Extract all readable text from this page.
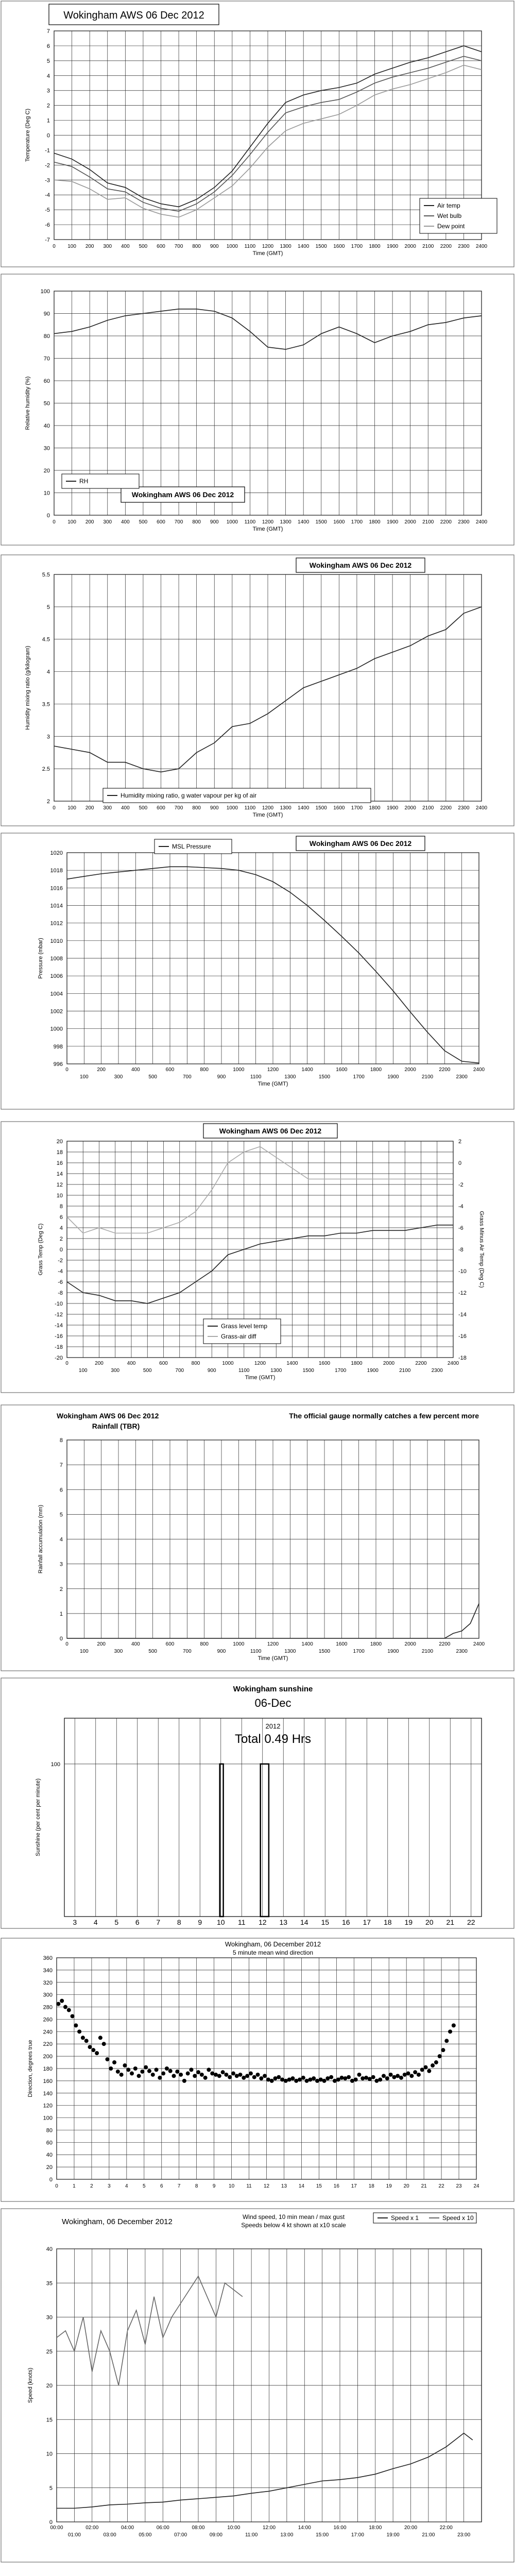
7
6
5
4
3
2
1
0
-1
-2
-3
-4
-5
-6
-7
0 100 200 300 400 500 600 700 800 900 1000 1100 1200 1300 1400 1500 1600 1700 1800 1900 2000 2100 2200 2300 2400
Time (GMT)
Temperature (Deg C)
Wokingham AWS 06 Dec 2012
Air temp
Wet bulb
Dew point
100
90
80
70
60
50
40
30
20
10
0
0 100 200 300 400 500 600 700 800 900 1000 1100 1200 1300 1400 1500 1600 1700 1800 1900 2000 2100 2200 2300 2400
Time (GMT)
Relative humidity (%)
Wokingham AWS 06 Dec 2012
RH
5.5
5
4.5
4
3.5
3
2.5
2
0 100 200 300 400 500 600 700 800 900 1000 1100 1200 1300 1400 1500 1600 1700 1800 1900 2000 2100 2200 2300 2400
Time (GMT)
Humidity mixing ratio (g/kilogram)
Wokingham AWS 06 Dec 2012
Humidity mixing ratio, g water vapour per kg of air
1020
1018
1016
1014
1012
1010
1008
1006
1004
1002
1000
998
996
0	200	400	600	800	1000	1200	1400	1600	1800	2000	2200	2400
100	300	500	700	900	1100	1300	1500	1700	1900	2100	2300
Time (GMT)
Pressure (mbar)
Wokingham AWS 06 Dec 2012
MSL Pressure
20
18
16
14
12
10
8
6
4
2
0
-2
-4
-6
-8
-10
-12
-14
-16
-18
-20
2
0
-2
-4
-6
-8
-10
-12
-14
-16
-18
0	200	400	600	800	1000	1200	1400	1600	1800	2000	2200	2400
100	300	500	700	900	1100	1300	1500	1700	1900	2100	2300
Time (GMT)
Grass Temp (Deg C)	Grass Minus Air Temp (Deg C)
Wokingham AWS 06 Dec 2012
Grass level temp
Grass-air diff
8
7
6
5
4
3
2
1
0
0	200	400	600	800	1000	1200	1400	1600	1800	2000	2200	2400
100	300	500	700	900	1100	1300	1500	1700	1900	2100	2300
Time (GMT)
Rainfall accumulation (mm)
Wokingham AWS 06 Dec 2012
Rainfall (TBR)
The official gauge normally catches a few percent more
100
3 4 5 6 7 8 9 10 11 12 13 14 15 16 17 18 19 20 21 22
Sunshine (per cent per minute)
Wokingham sunshine
06-Dec
2012
Total 0.49 Hrs
360
340
320
300
280
260
240
220
200
180
160
140
120
100
80
60
40
20
0
0	1	2	3	4	5	6	7	8	9	10 11 12 13 14 15 16 17 18 19 20 21 22 23 24
Direction, degrees true
Wokingham, 06 December 2012
5 minute mean wind direction
40
35
30
25
20
15
10
5
0
00:00	02:00	04:00	06:00	08:00	10:00	12:00	14:00	16:00	18:00	20:00	22:00
01:00	03:00	05:00	07:00	09:00	11:00	13:00	15:00	17:00	19:00	21:00	23:00
Speed (knots)
Wokingham, 06 December 2012
Wind speed, 10 min mean / max gust
Speeds below 4 kt shown at x10 scale
Speed x 1	Speed x 10
